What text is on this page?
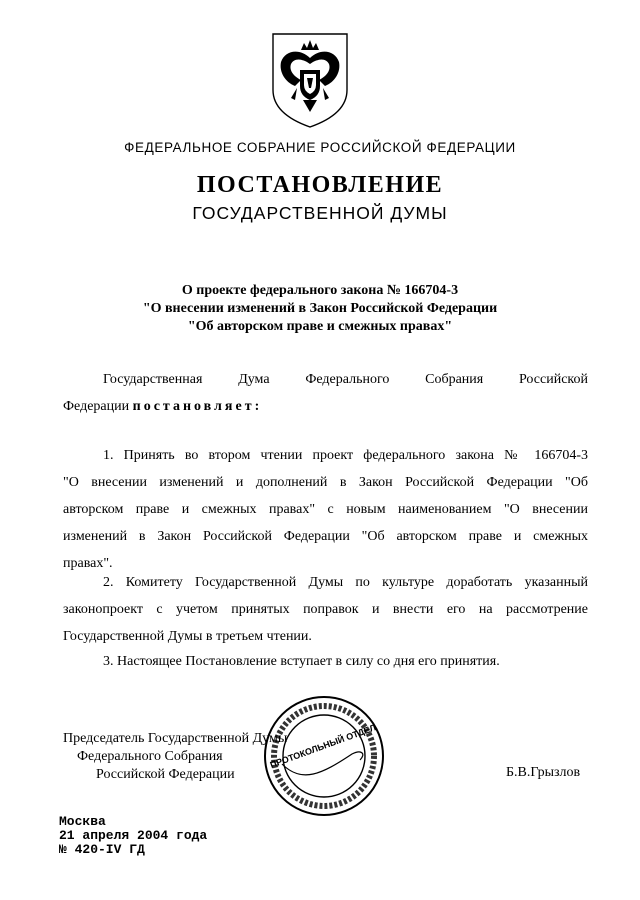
ФЕДЕРАЛЬНОЕ СОБРАНИЕ РОССИЙСКОЙ ФЕДЕРАЦИИ
ПОСТАНОВЛЕНИЕ
ГОСУДАРСТВЕННОЙ ДУМЫ
О проекте федерального закона № 166704-3
"О внесении изменений в Закон Российской Федерации
"Об авторском праве и смежных правах"
Государственная Дума Федерального Собрания Российской
Федерации постановляет:
1. Принять во втором чтении проект федерального закона № 166704-3
"О внесении изменений и дополнений в Закон Российской Федерации "Об
авторском праве и смежных правах" с новым наименованием "О внесении
изменений в Закон Российской Федерации "Об авторском праве и смежных
правах".
2. Комитету Государственной Думы по культуре доработать указанный
законопроект с учетом принятых поправок и внести его на рассмотрение
Государственной Думы в третьем чтении.
3. Настоящее Постановление вступает в силу со дня его принятия.
Председатель Государственной Думы
Федерального Собрания
Российской Федерации
ПРОТОКОЛЬНЫЙ ОТДЕЛ
Б.В.Грызлов
Москва
21 апреля 2004 года
№ 420-IV ГД
